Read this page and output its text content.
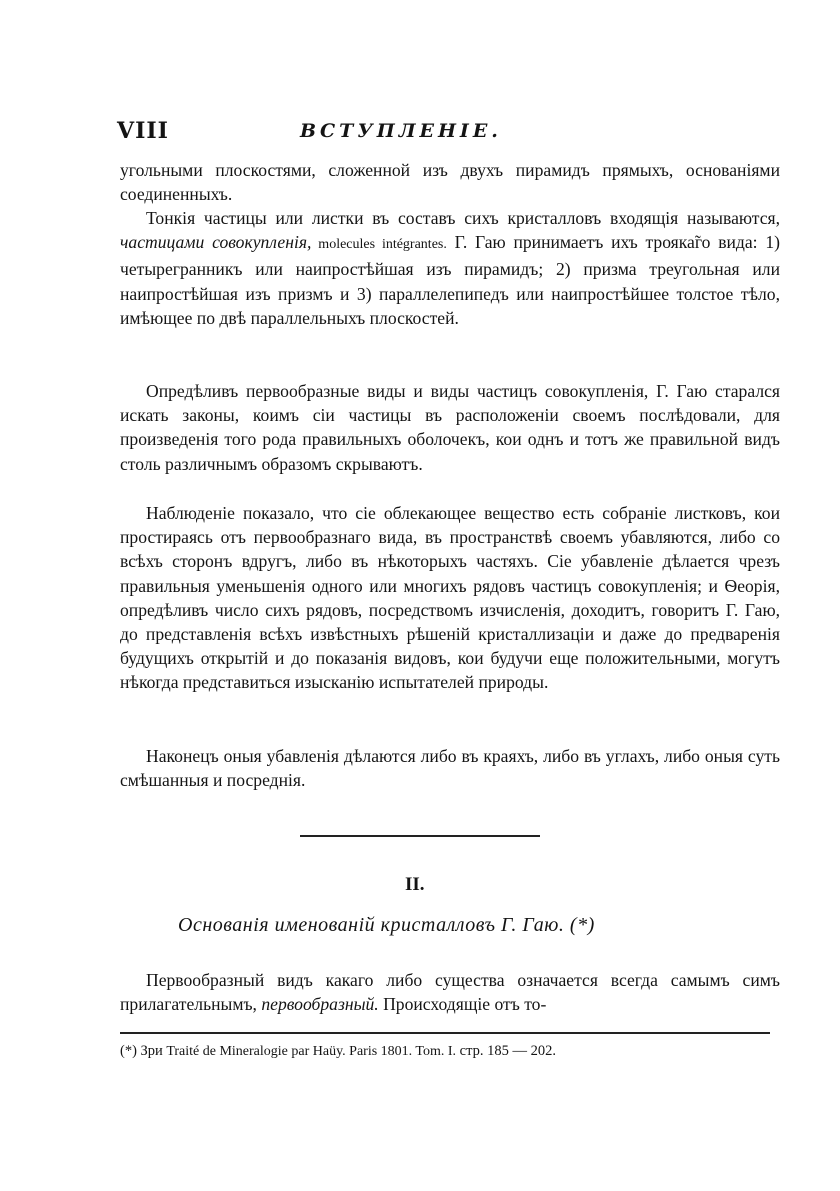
VIII	ВСТУПЛЕНІЕ.

угольными плоскостями, сложенной изъ двухъ пирамидъ прямыхъ, основаніями соединенныхъ.

Тонкія частицы или листки въ составъ сихъ кристалловъ входящія называются, частицами совокупленія, molecules intégrantes. Г. Гаю принимаетъ ихъ трояка̃го вида: 1) четырегранникъ или наипростѣйшая изъ пирамидъ; 2) призма треугольная или наипростѣйшая изъ призмъ и 3) параллелепипедъ или наипростѣйшее толстое тѣло, имѣющее по двѣ параллельныхъ плоскостей.

Опредѣливъ первообразные виды и виды частицъ совокупленія, Г. Гаю старался искать законы, коимъ сіи частицы въ расположеніи своемъ послѣдовали, для произведенія того рода правильныхъ оболочекъ, кои однъ и тотъ же правильной видъ столь различнымъ образомъ скрываютъ.

Наблюденіе показало, что сіе облекающее вещество есть собраніе листковъ, кои простираясь отъ первообразнаго вида, въ пространствѣ своемъ убавляются, либо со всѣхъ сторонъ вдругъ, либо въ нѣкоторыхъ частяхъ. Сіе убавленіе дѣлается чрезъ правильныя уменьшенія одного или многихъ рядовъ частицъ совокупленія; и Ѳеорія, опредѣливъ число сихъ рядовъ, посредствомъ изчисленія, доходитъ, говоритъ Г. Гаю, до представленія всѣхъ извѣстныхъ рѣшеній кристаллизаціи и даже до предваренія будущихъ открытій и до показанія видовъ, кои будучи еще положительными, могутъ нѣкогда представиться изысканію испытателей природы.

Наконецъ оныя убавленія дѣлаются либо въ краяхъ, либо въ углахъ, либо оныя суть смѣшанныя и посреднія.

II.
Основанія именованій кристалловъ Г. Гаю. (*)

Первообразный видъ какаго либо существа означается всегда самымъ симъ прилагательнымъ, первообразный. Происходящіе отъ то-

(*) Зри Traité de Mineralogie par Haüy. Paris 1801. Tom. I. стр. 185 — 202.
